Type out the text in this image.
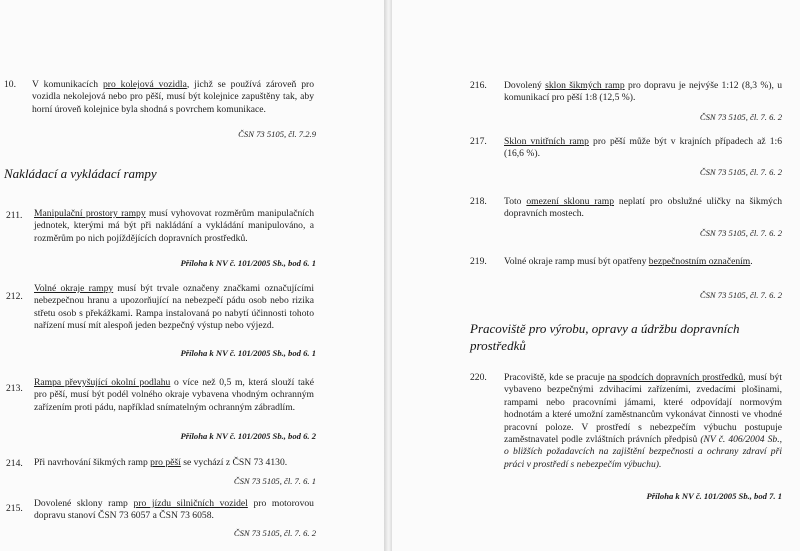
10. V komunikacích pro kolejová vozidla, jichž se používá zároveň pro vozidla nekolejová nebo pro pěší, musí být kolejnice zapuštěny tak, aby horní úroveň kolejnice byla shodná s povrchem komunikace.
ČSN 73 5105, čl. 7.2.9
Nakládací a vykládací rampy
211. Manipulační prostory rampy musí vyhovovat rozměrům manipulačních jednotek, kterými má být při nakládání a vykládání manipulováno, a rozměrům po nich pojíždějících dopravních prostředků.
Příloha k NV č. 101/2005 Sb., bod 6. 1
212.
Volné okraje rampy musí být trvale označeny značkami označujícími nebezpečnou hranu a upozorňující na nebezpečí pádu osob nebo rizika střetu osob s překážkami. Rampa instalovaná po nabytí účinnosti tohoto nařízení musí mít alespoň jeden bezpečný výstup nebo výjezd.
Příloha k NV č. 101/2005 Sb., bod 6. 1
213.
Rampa převyšující okolní podlahu o více než 0,5 m, která slouží také pro pěší, musí být podél volného okraje vybavena vhodným ochranným zařízením proti pádu, například snímatelným ochranným zábradlím.
Příloha k NV č. 101/2005 Sb., bod 6. 2
214. Při navrhování šikmých ramp pro pěší se vychází z ČSN 73 4130.
ČSN 73 5105, čl. 7. 6. 1
215. Dovolené sklony ramp pro jízdu silničních vozidel pro motorovou dopravu stanoví ČSN 73 6057 a ČSN 73 6058.
ČSN 73 5105, čl. 7. 6. 2
216. Dovolený sklon šikmých ramp pro dopravu je nejvýše 1:12 (8,3 %), u komunikací pro pěší 1:8 (12,5 %).
ČSN 73 5105, čl. 7. 6. 2
217. Sklon vnitřních ramp pro pěší může být v krajních případech až 1:6 (16,6 %).
ČSN 73 5105, čl. 7. 6. 2
218. Toto omezení sklonu ramp neplatí pro obslužné uličky na šikmých dopravních mostech.
ČSN 73 5105, čl. 7. 6. 2
219. Volné okraje ramp musí být opatřeny bezpečnostním označením.
ČSN 73 5105, čl. 7. 6. 2
Pracoviště pro výrobu, opravy a údržbu dopravních prostředků
220. Pracoviště, kde se pracuje na spodcích dopravních prostředků, musí být vybaveno bezpečnými zdvihacími zařízeními, zvedacími plošinami, rampami nebo pracovními jámami, které odpovídají normovým hodnotám a které umožní zaměstnancům vykonávat činnosti ve vhodné pracovní poloze. V prostředí s nebezpečím výbuchu postupuje zaměstnavatel podle zvláštních právních předpisů (NV č. 406/2004 Sb., o bližších požadavcích na zajištění bezpečnosti a ochrany zdraví při práci v prostředí s nebezpečím výbuchu).
Příloha k NV č. 101/2005 Sb., bod 7. 1
